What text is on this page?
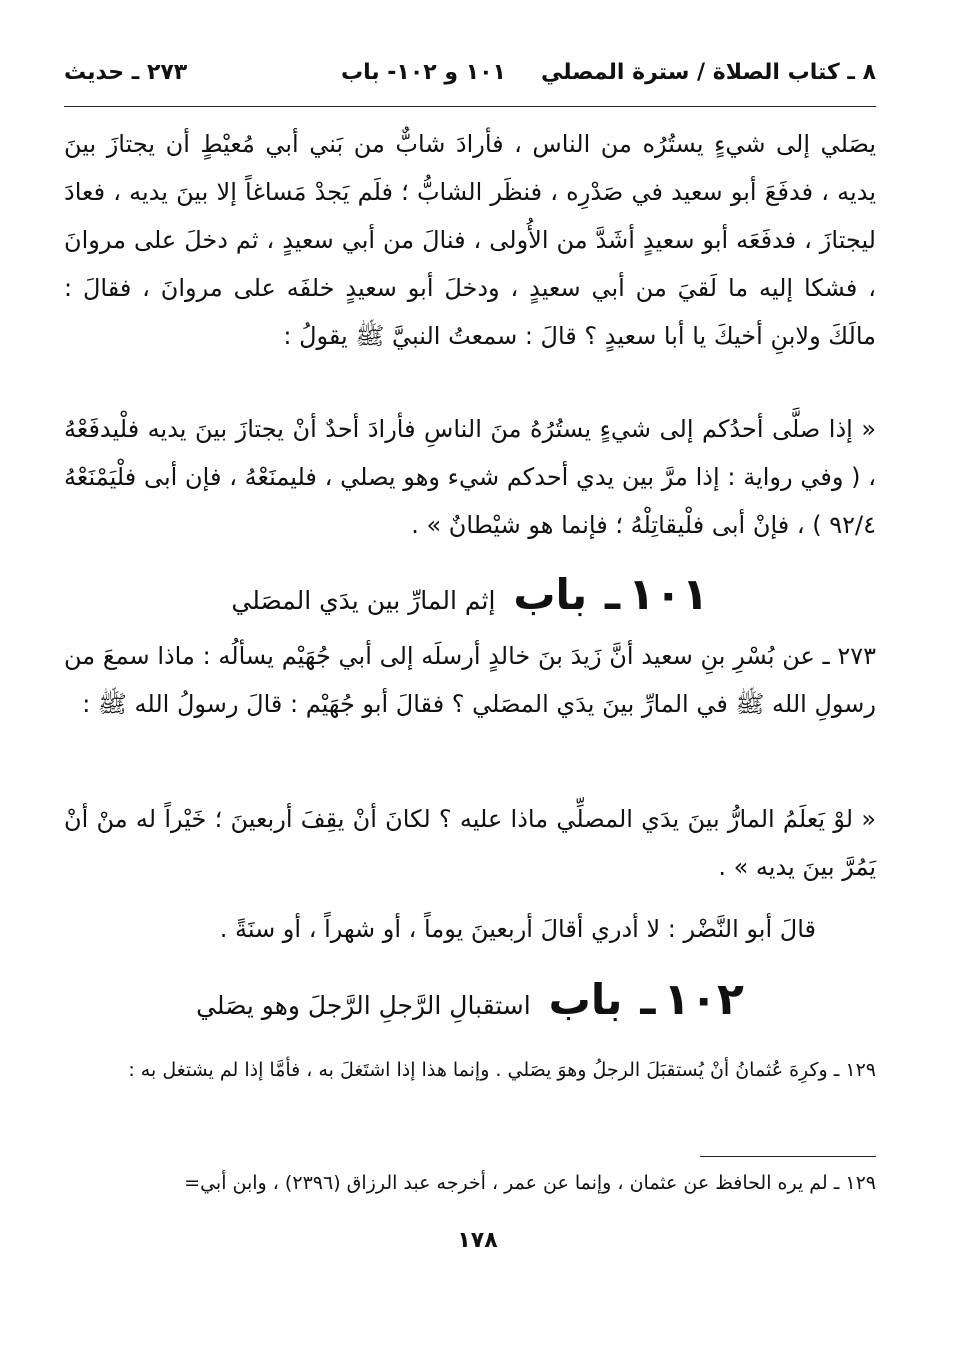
٨ ـ كتاب الصلاة / سترة المصلي
١٠١ و ١٠٢- باب
٢٧٣ ـ حديث

يصَلي إلى شيءٍ يستُرُه من الناس ، فأرادَ شابٌّ من بَني أبي مُعيْطٍ أن يجتازَ بينَ يديه ، فدفَعَ أبو سعيد في صَدْرِه ، فنظَر الشابُّ ؛ فلَم يَجدْ مَساغاً إلا بينَ يديه ، فعادَ ليجتازَ ، فدفَعَه أبو سعيدٍ أشَدَّ من الأُولى ، فنالَ من أبي سعيدٍ ، ثم دخلَ على مروانَ ، فشكا إليه ما لَقيَ من أبي سعيدٍ ، ودخلَ أبو سعيدٍ خلفَه على مروانَ ، فقالَ : مالَكَ ولابنِ أخيكَ يا أبا سعيدٍ ؟ قالَ : سمعتُ النبيَّ ﷺ يقولُ :

« إذا صلَّى أحدُكم إلى شيءٍ يستُرُهُ منَ الناسِ فأرادَ أحدٌ أنْ يجتازَ بينَ يديه فلْيدفَعْهُ ، ( وفي رواية : إذا مرَّ بين يدي أحدكم شيء وهو يصلي ، فليمنَعْهُ ، فإن أبى فلْيَمْنَعْهُ ٩٢/٤ ) ، فإنْ أبى فلْيقاتِلْهُ ؛ فإنما هو شيْطانٌ » .

١٠١ ـ باب إثم المارِّ بين يدَي المصَلي

٢٧٣ ـ عن بُسْرِ بنِ سعيد أنَّ زَيدَ بنَ خالدٍ أرسلَه إلى أبي جُهَيْم يسألُه : ماذا سمعَ من رسولِ الله ﷺ في المارِّ بينَ يدَي المصَلي ؟ فقالَ أبو جُهَيْم : قالَ رسولُ الله ﷺ :

« لوْ يَعلَمُ المارُّ بينَ يدَي المصلِّي ماذا عليه ؟ لكانَ أنْ يقِفَ أربعينَ ؛ خَيْراً له منْ أنْ يَمُرَّ بينَ يديه » .

قالَ أبو النَّضْر : لا أدري أقالَ أربعينَ يوماً ، أو شهراً ، أو سنَةً .

١٠٢ ـ باب استقبالِ الرَّجلِ الرَّجلَ وهو يصَلي

١٢٩ ـ وكرِهَ عُثمانُ أنْ يُستقبَلَ الرجلُ وهوَ يصَلي . وإنما هذا إذا اشتَغلَ به ، فأمَّا إذا لم يشتغل به :

١٢٩ ـ لم يره الحافظ عن عثمان ، وإنما عن عمر ، أخرجه عبد الرزاق (٢٣٩٦) ، وابن أبي=

١٧٨
